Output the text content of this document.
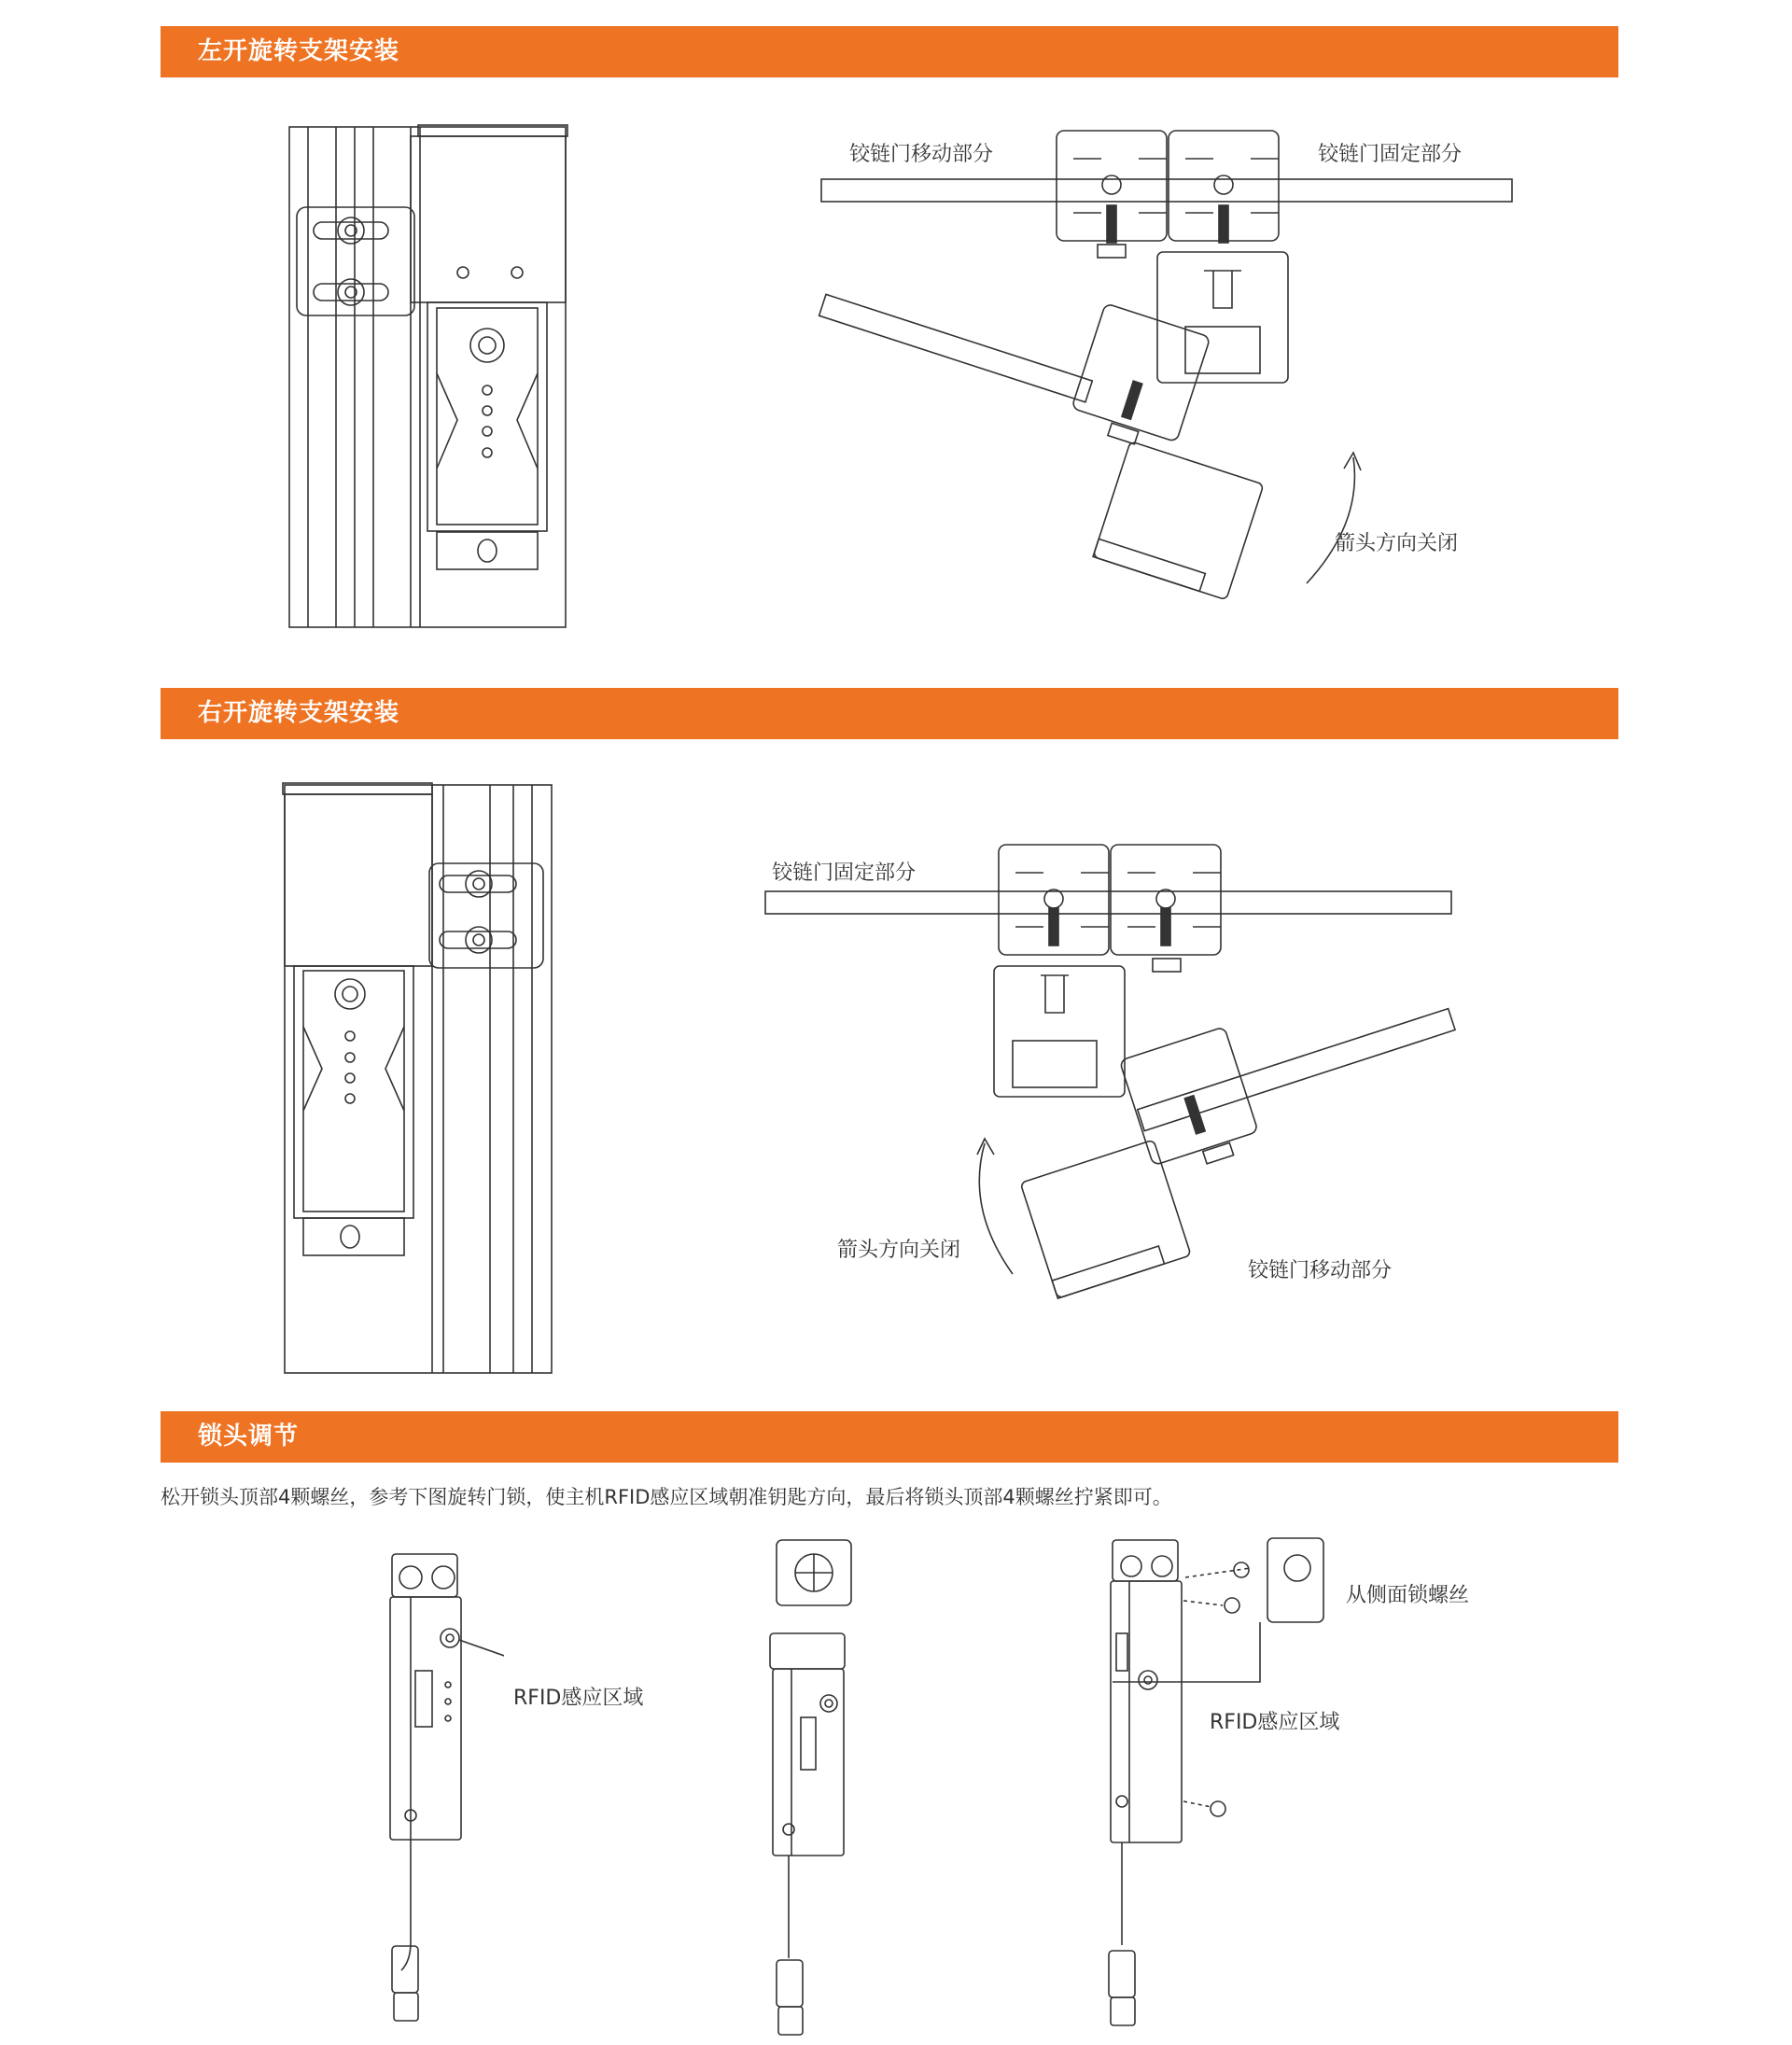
左开旋转支架安装
铰链门移动部分	铰链门固定部分
箭头方向关闭
右开旋转支架安装
铰链门固定部分
箭头方向关闭
铰链门移动部分
锁头调节
松开锁头顶部4颗螺丝，参考下图旋转门锁，使主机RFID感应区域朝准钥匙方向，最后将锁头顶部4颗螺丝拧紧即可。
RFID感应区域
从侧面锁螺丝
RFID感应区域
